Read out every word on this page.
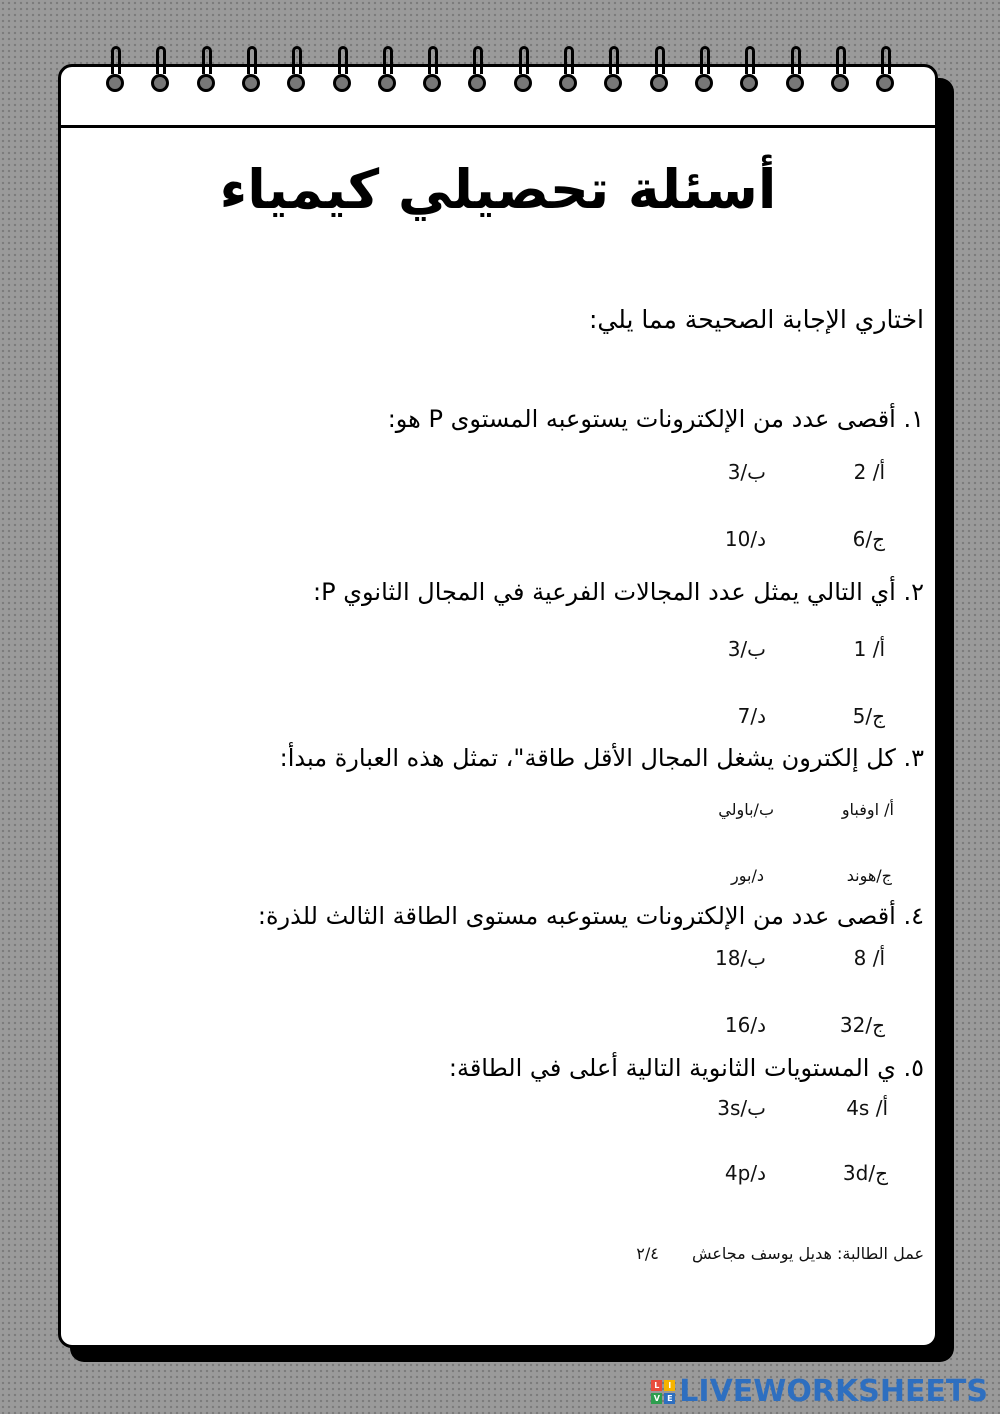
أسئلة تحصيلي كيمياء
اختاري الإجابة الصحيحة مما يلي:
١. أقصى عدد من الإلكترونات يستوعبه المستوى P هو:
أ/ 2
ب/3
ج/6
د/10
٢. أي التالي يمثل عدد المجالات الفرعية في المجال الثانوي P:
أ/ 1
ب/3
ج/5
د/7
٣. كل إلكترون يشغل المجال الأقل طاقة"، تمثل هذه العبارة مبدأ:
أ/ اوفباو
ب/باولي
ج/هوند
د/بور
٤. أقصى عدد من الإلكترونات يستوعبه مستوى الطاقة الثالث للذرة:
أ/ 8
ب/18
ج/32
د/16
٥. ي المستويات الثانوية التالية أعلى في الطاقة:
أ/ 4s
ب/3s
ج/3d
د/4p
عمل الطالبة: هديل يوسف مجاعش ٢/٤
L	I
V E LIVEWORKSHEETS
